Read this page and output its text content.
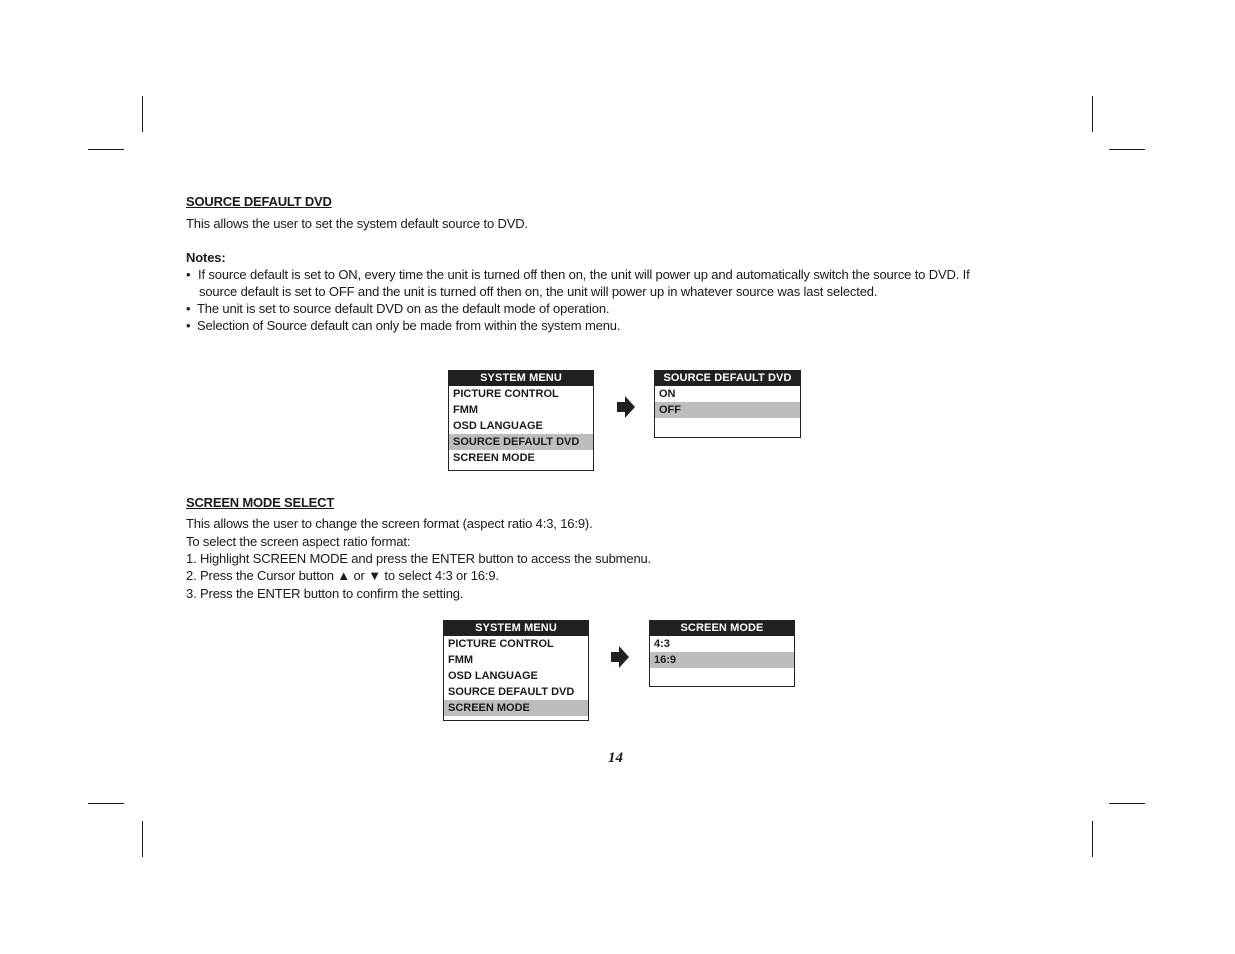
SOURCE DEFAULT DVD
This allows the user to set the system default source to DVD.
Notes:
• If source default is set to ON, every time the unit is turned off then on, the unit will power up and automatically switch the source to DVD. If
source default is set to OFF and the unit is turned off then on, the unit will power up in whatever source was last selected.
• The unit is set to source default DVD on as the default mode of operation.
• Selection of Source default can only be made from within the system menu.
SYSTEM MENU
PICTURE CONTROL
FMM
OSD LANGUAGE
SOURCE DEFAULT DVD
SCREEN MODE
SOURCE DEFAULT DVD
ON
OFF
SCREEN MODE SELECT
This allows the user to change the screen format (aspect ratio 4:3, 16:9).
To select the screen aspect ratio format:
1. Highlight SCREEN MODE and press the ENTER button to access the submenu.
2. Press the Cursor button ▲ or ▼ to select 4:3 or 16:9.
3. Press the ENTER button to confirm the setting.
SYSTEM MENU
PICTURE CONTROL
FMM
OSD LANGUAGE
SOURCE DEFAULT DVD
SCREEN MODE
SCREEN MODE
4:3
16:9
14
